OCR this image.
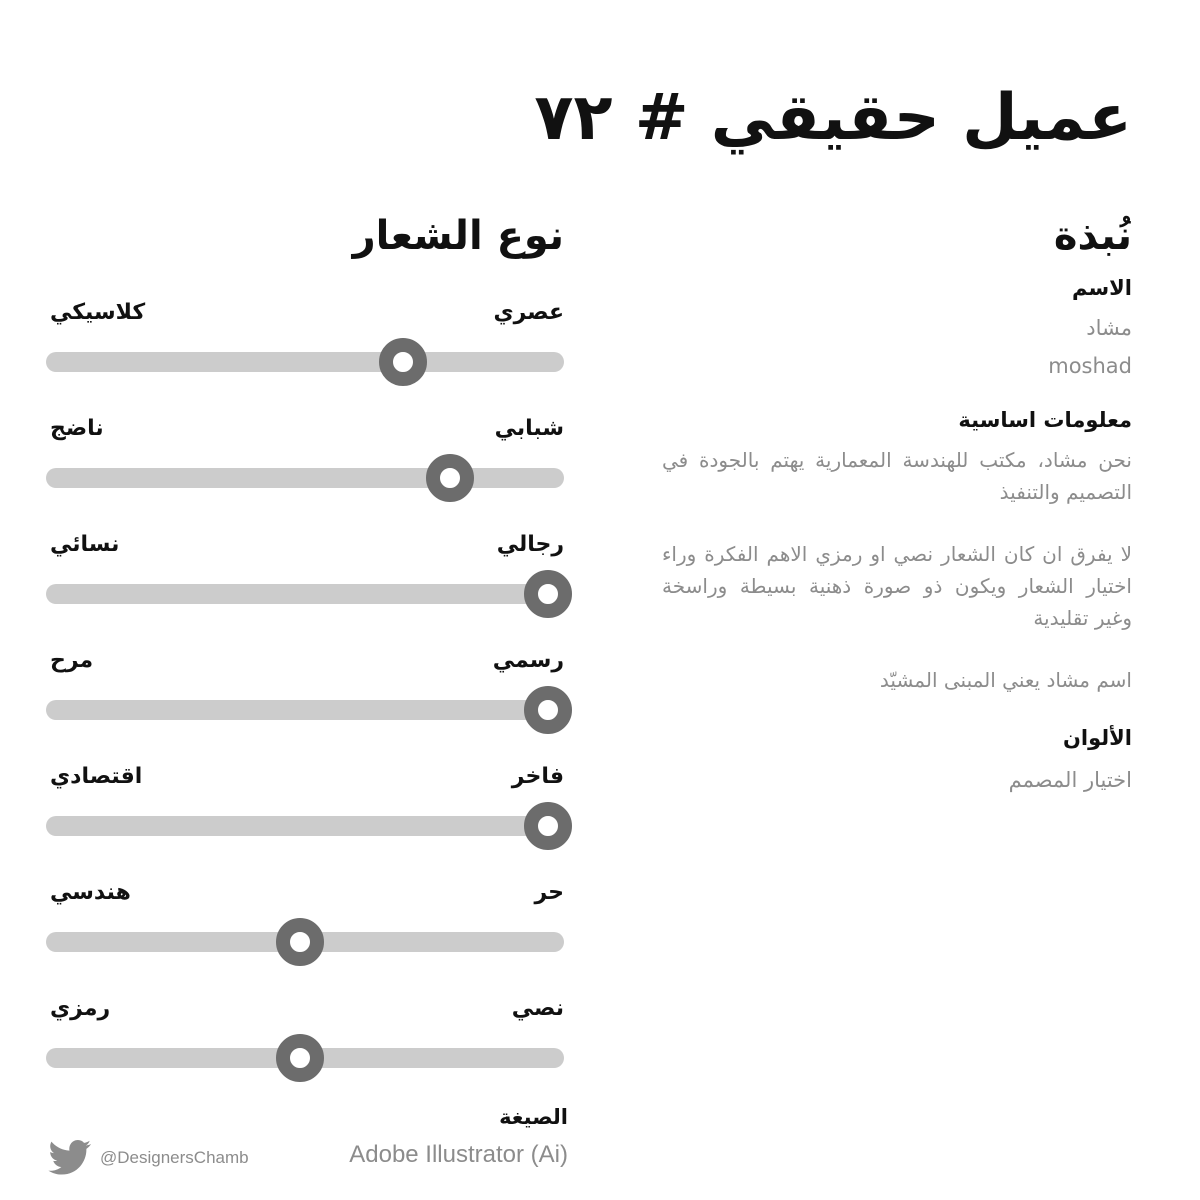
عميل حقيقي # ٧٢
نُبذة

الاسم

مشاد

moshad

معلومات اساسية

نحن مشاد، مكتب للهندسة المعمارية يهتم بالجودة في التصميم والتنفيذ

لا يفرق ان كان الشعار نصي او رمزي الاهم الفكرة وراء اختيار الشعار ويكون ذو صورة ذهنية بسيطة وراسخة وغير تقليدية

اسم مشاد يعني المبنى المشيّد

الألوان

اختيار المصمم

نوع الشعار
عصري
كلاسيكي
شبابي
ناضج
رجالي
نسائي
رسمي
مرح
فاخر
اقتصادي
حر
هندسي
نصي
رمزي

الصيغة

Adobe Illustrator (Ai)

@DesignersChamb
